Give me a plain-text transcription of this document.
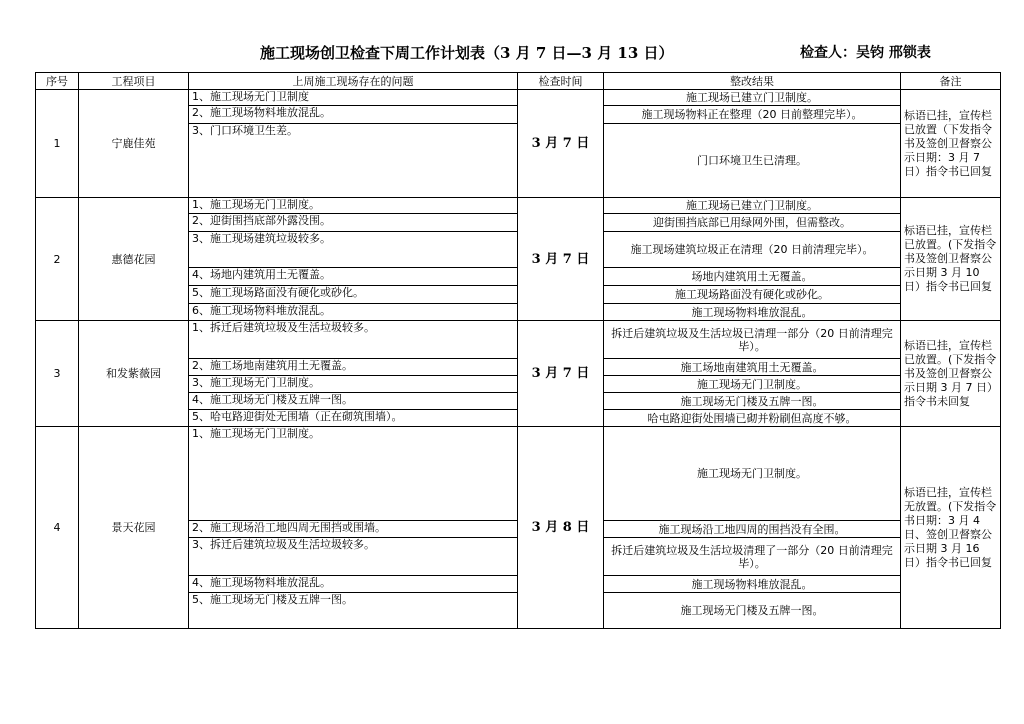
施工现场创卫检查下周工作计划表（3 月 7 日—3 月 13 日）	检查人：吴钧 邢锁表
序号	工程项目	上周施工现场存在的问题	检查时间	整改结果	备注
1	宁鹿佳苑	1、施工现场无门卫制度	3 月 7 日	施工现场已建立门卫制度。	标语已挂，宣传栏已放置（下发指令书及签创卫督察公示日期：3 月 7 日）指令书已回复
		2、施工现场物料堆放混乱。		施工现场物料正在整理（20 日前整理完毕）。	
		3、门口环境卫生差。		门口环境卫生已清理。	
2	惠德花园	1、施工现场无门卫制度。	3 月 7 日	施工现场已建立门卫制度。	标语已挂，宣传栏已放置。(下发指令书及签创卫督察公示日期 3 月 10 日）指令书已回复
		2、迎街围挡底部外露没围。		迎街围挡底部已用绿网外围，但需整改。	
		3、施工现场建筑垃圾较多。		施工现场建筑垃圾正在清理（20 日前清理完毕）。	
		4、场地内建筑用土无覆盖。		场地内建筑用土无覆盖。	
		5、施工现场路面没有硬化或砂化。		施工现场路面没有硬化或砂化。	
		6、施工现场物料堆放混乱。		施工现场物料堆放混乱。	
3	和发紫薇园	1、拆迁后建筑垃圾及生活垃圾较多。	3 月 7 日	拆迁后建筑垃圾及生活垃圾已清理一部分（20 日前清理完毕）。	标语已挂，宣传栏已放置。(下发指令书及签创卫督察公示日期 3 月 7 日）指令书未回复
		2、施工场地南建筑用土无覆盖。		施工场地南建筑用土无覆盖。	
		3、施工现场无门卫制度。		施工现场无门卫制度。	
		4、施工现场无门楼及五牌一图。		施工现场无门楼及五牌一图。	
		5、哈屯路迎街处无围墙（正在砌筑围墙）。		哈屯路迎街处围墙已砌并粉刷但高度不够。	
4	景天花园	1、施工现场无门卫制度。	3 月 8 日	施工现场无门卫制度。	标语已挂，宣传栏无放置。(下发指令书日期：3 月 4 日、签创卫督察公示日期 3 月 16 日）指令书已回复
		2、施工现场沿工地四周无围挡或围墙。		施工现场沿工地四周的围挡没有全围。	
		3、拆迁后建筑垃圾及生活垃圾较多。		拆迁后建筑垃圾及生活垃圾清理了一部分（20 日前清理完毕）。	
		4、施工现场物料堆放混乱。		施工现场物料堆放混乱。	
		5、施工现场无门楼及五牌一图。		施工现场无门楼及五牌一图。	
